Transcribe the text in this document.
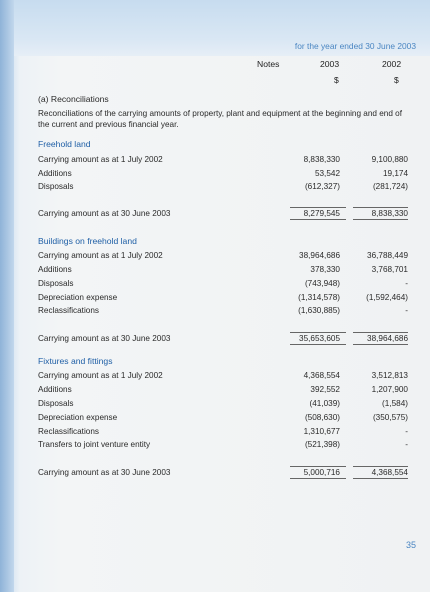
for the year ended 30 June 2003
Notes	2003	2002
$	$
(a) Reconciliations
Reconciliations of the carrying amounts of property, plant and equipment at the beginning and end of the current and previous financial year.
Freehold land
Carrying amount as at 1 July 2002	8,838,330	9,100,880
Additions	53,542	19,174
Disposals	(612,327)	(281,724)
Carrying amount as at 30 June 2003	8,279,545	8,838,330
Buildings on freehold land
Carrying amount as at 1 July 2002	38,964,686	36,788,449
Additions	378,330	3,768,701
Disposals	(743,948)	-
Depreciation expense	(1,314,578)	(1,592,464)
Reclassifications	(1,630,885)	-
Carrying amount as at 30 June 2003	35,653,605	38,964,686
Fixtures and fittings
Carrying amount as at 1 July 2002	4,368,554	3,512,813
Additions	392,552	1,207,900
Disposals	(41,039)	(1,584)
Depreciation expense	(508,630)	(350,575)
Reclassifications	1,310,677	-
Transfers to joint venture entity	(521,398)	-
Carrying amount as at 30 June 2003	5,000,716	4,368,554
35
